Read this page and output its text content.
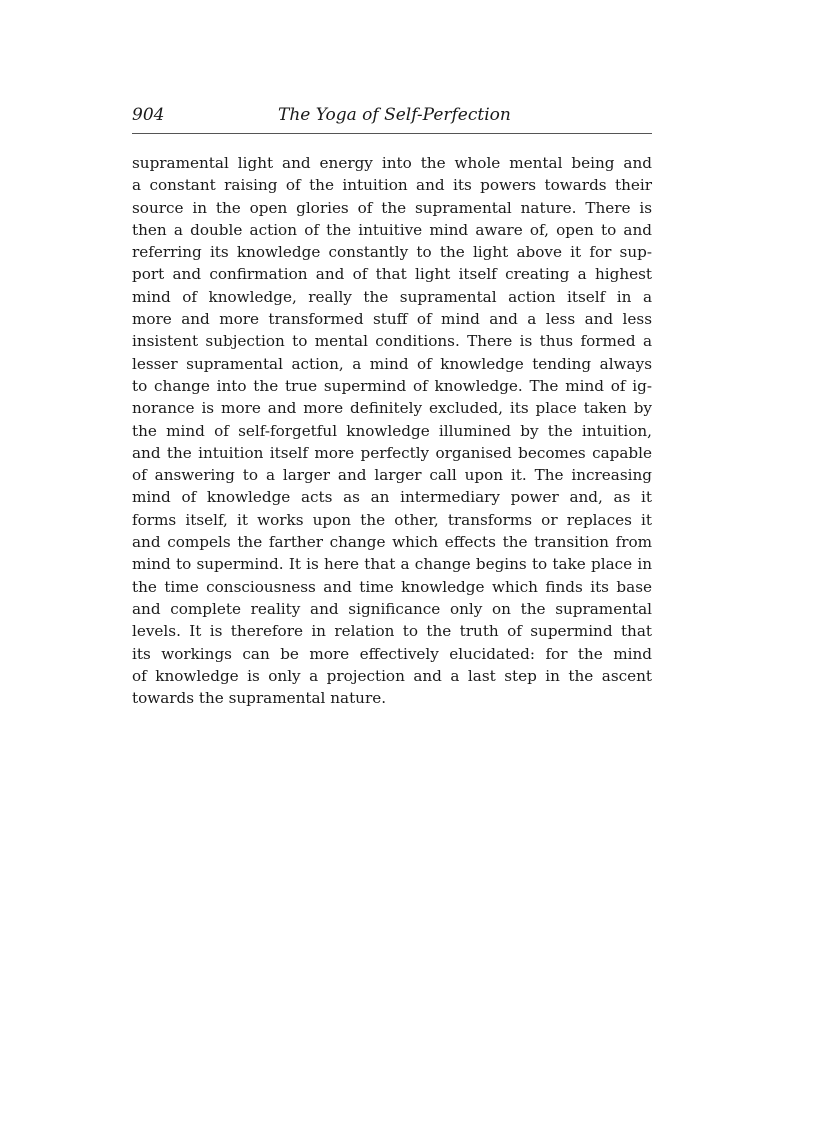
904	The Yoga of Self-Perfection
supramental light and energy into the whole mental being and
a constant raising of the intuition and its powers towards their
source in the open glories of the supramental nature. There is
then a double action of the intuitive mind aware of, open to and
referring its knowledge constantly to the light above it for sup-
port and confirmation and of that light itself creating a highest
mind of knowledge, really the supramental action itself in a
more and more transformed stuff of mind and a less and less
insistent subjection to mental conditions. There is thus formed a
lesser supramental action, a mind of knowledge tending always
to change into the true supermind of knowledge. The mind of ig-
norance is more and more definitely excluded, its place taken by
the mind of self-forgetful knowledge illumined by the intuition,
and the intuition itself more perfectly organised becomes capable
of answering to a larger and larger call upon it. The increasing
mind of knowledge acts as an intermediary power and, as it
forms itself, it works upon the other, transforms or replaces it
and compels the farther change which effects the transition from
mind to supermind. It is here that a change begins to take place in
the time consciousness and time knowledge which finds its base
and complete reality and significance only on the supramental
levels. It is therefore in relation to the truth of supermind that
its workings can be more effectively elucidated: for the mind
of knowledge is only a projection and a last step in the ascent
towards the supramental nature.
